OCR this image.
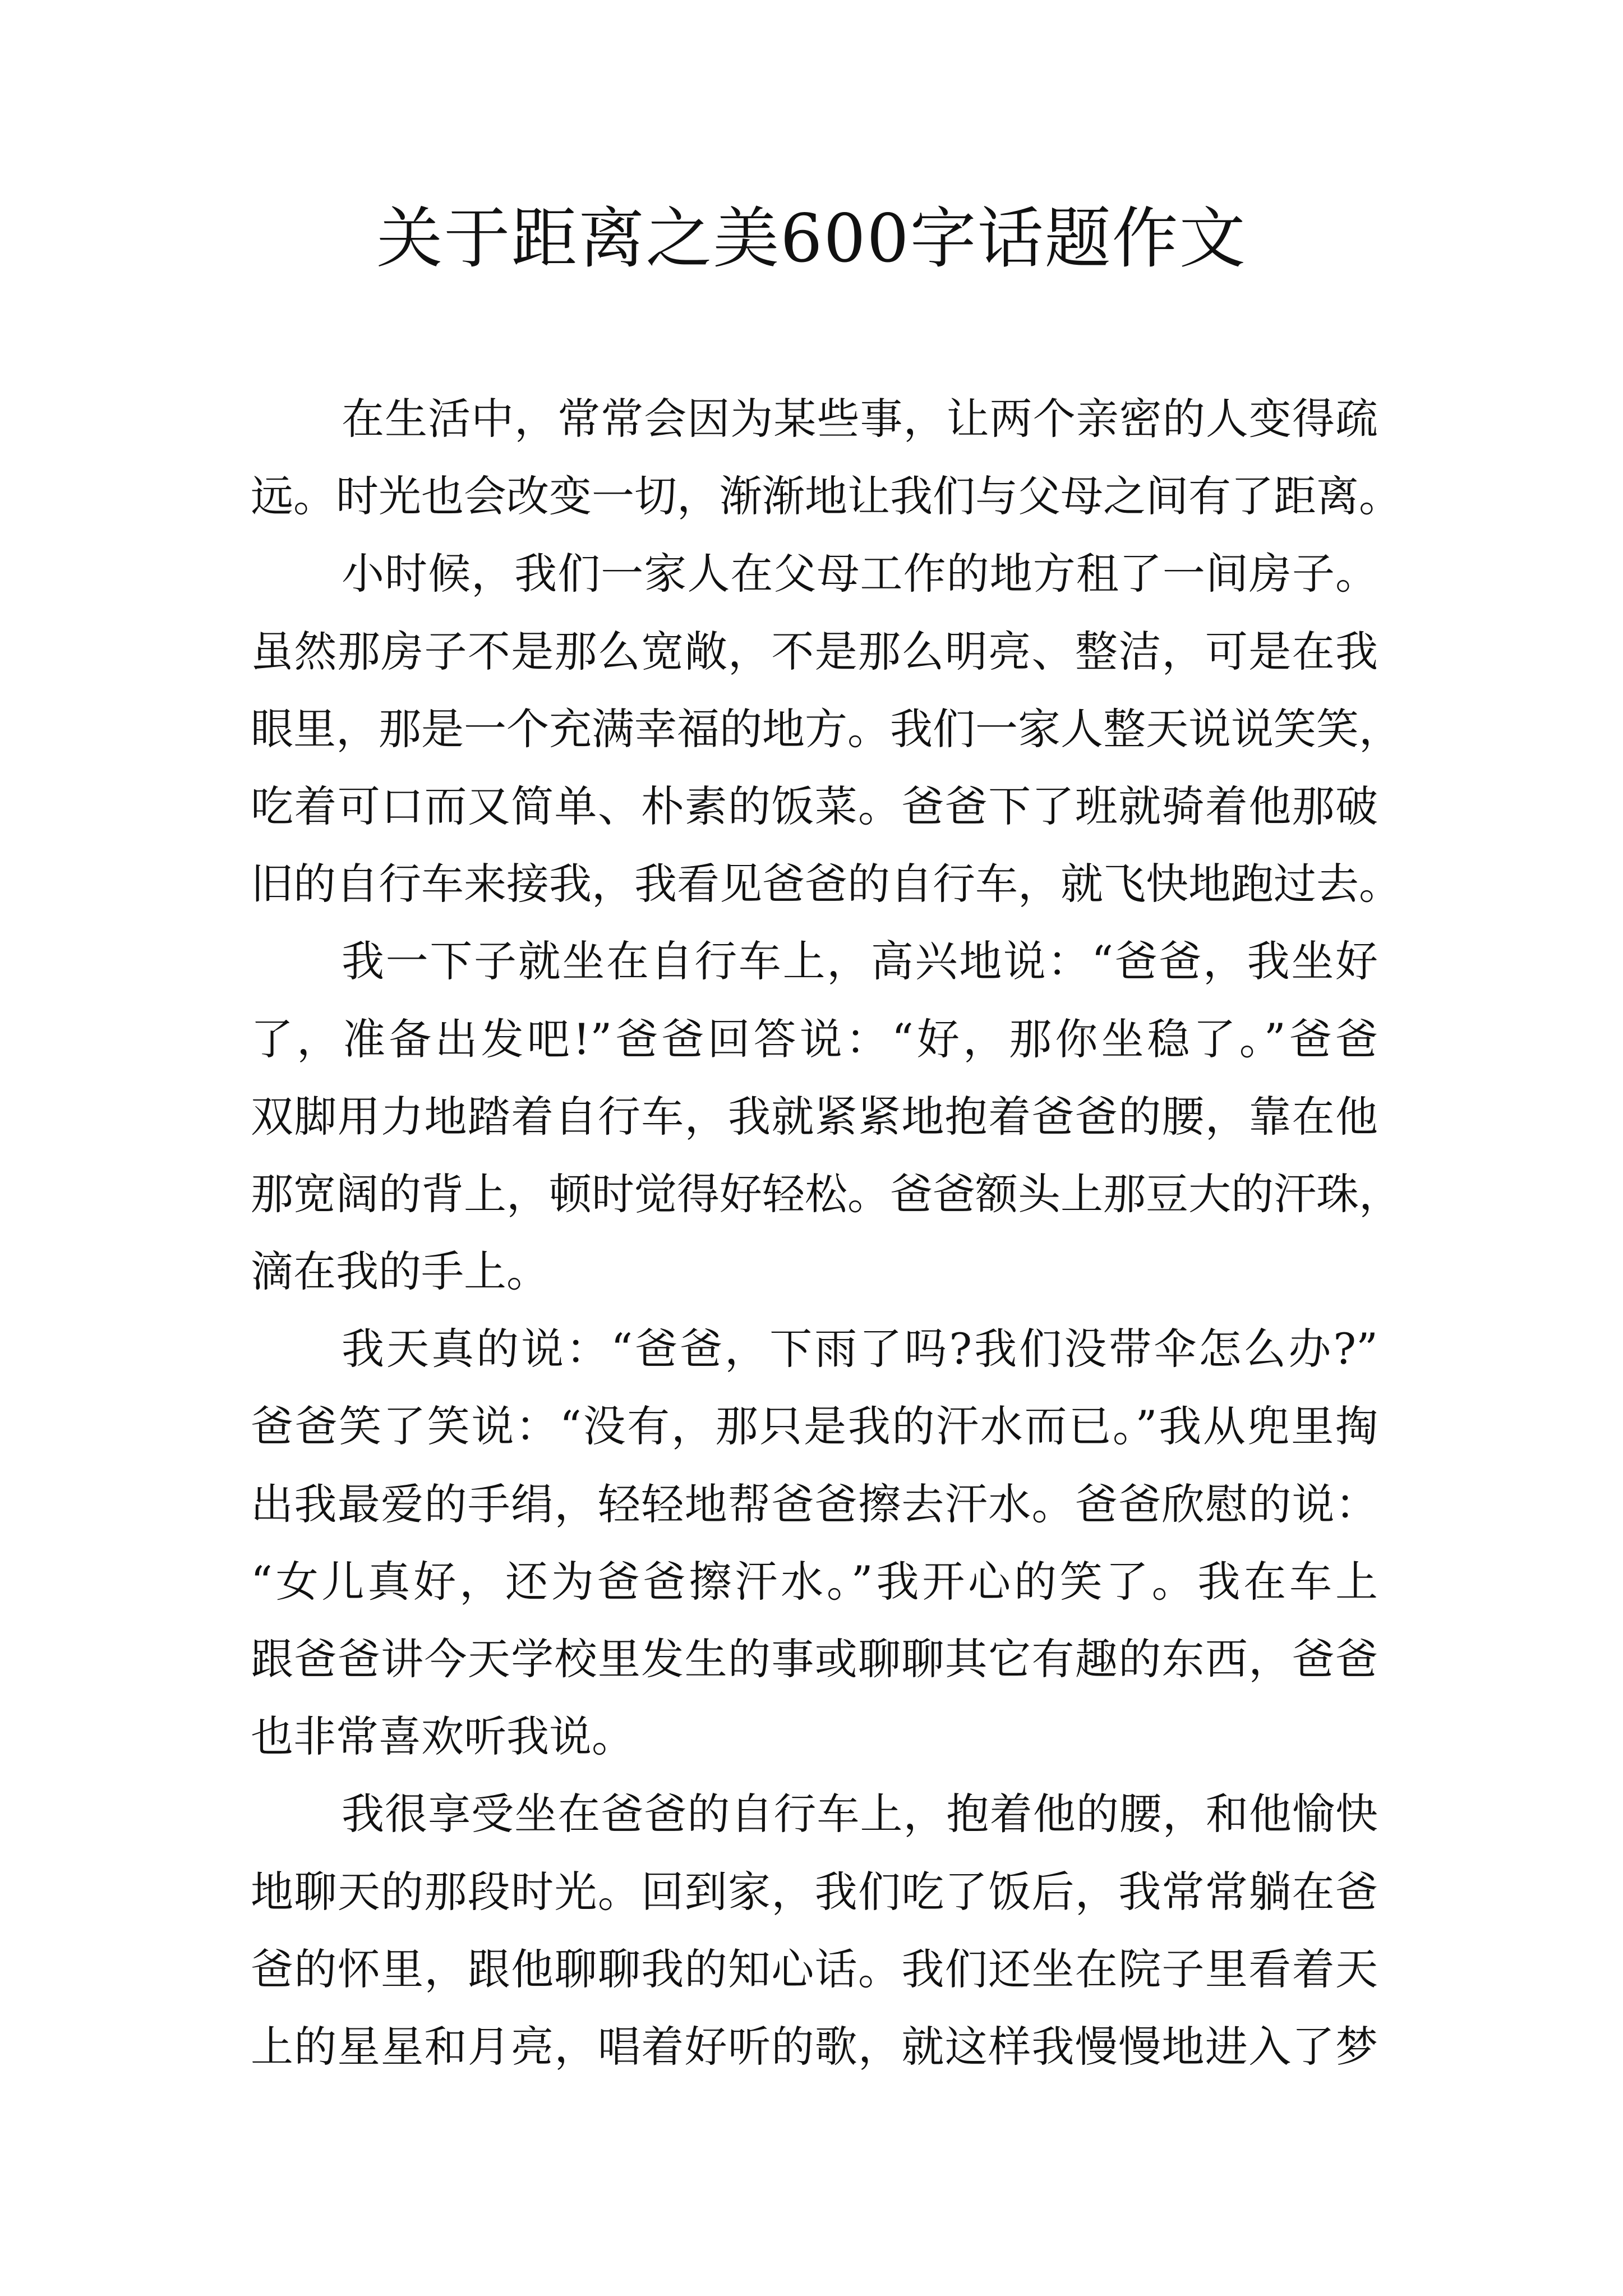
关于距离之美600字话题作文
在生活中，常常会因为某些事，让两个亲密的人变得疏
远。时光也会改变一切，渐渐地让我们与父母之间有了距离。
小时候，我们一家人在父母工作的地方租了一间房子。
虽然那房子不是那么宽敞，不是那么明亮、整洁，可是在我
眼里，那是一个充满幸福的地方。我们一家人整天说说笑笑，
吃着可口而又简单、朴素的饭菜。爸爸下了班就骑着他那破
旧的自行车来接我，我看见爸爸的自行车，就飞快地跑过去。
我一下子就坐在自行车上，高兴地说：“爸爸，我坐好
了，准备出发吧!”爸爸回答说：“好，那你坐稳了。”爸爸
双脚用力地踏着自行车，我就紧紧地抱着爸爸的腰，靠在他
那宽阔的背上，顿时觉得好轻松。爸爸额头上那豆大的汗珠，
滴在我的手上。
我天真的说：“爸爸，下雨了吗?我们没带伞怎么办?”
爸爸笑了笑说：“没有，那只是我的汗水而已。”我从兜里掏
出我最爱的手绢，轻轻地帮爸爸擦去汗水。爸爸欣慰的说：
“女儿真好，还为爸爸擦汗水。”我开心的笑了。我在车上
跟爸爸讲今天学校里发生的事或聊聊其它有趣的东西，爸爸
也非常喜欢听我说。
我很享受坐在爸爸的自行车上，抱着他的腰，和他愉快
地聊天的那段时光。回到家，我们吃了饭后，我常常躺在爸
爸的怀里，跟他聊聊我的知心话。我们还坐在院子里看着天
上的星星和月亮，唱着好听的歌，就这样我慢慢地进入了梦
